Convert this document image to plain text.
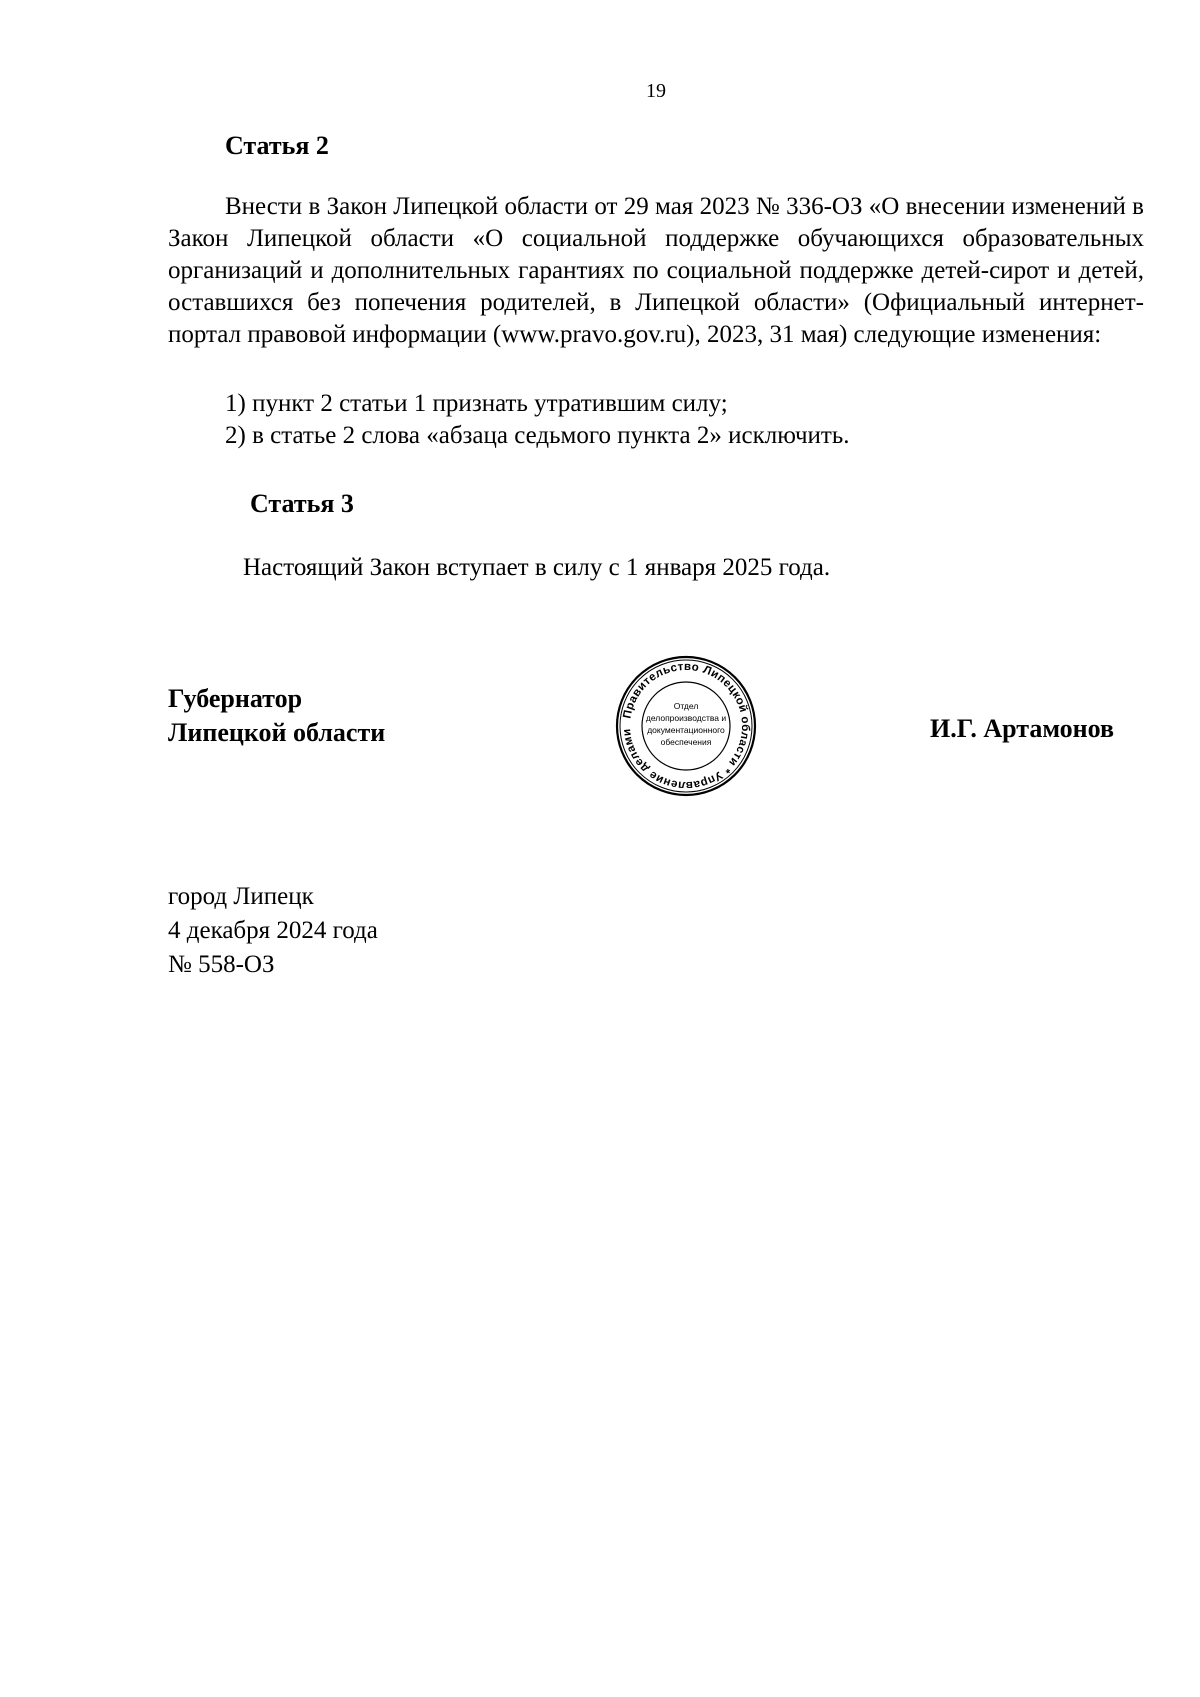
19
Статья 2

Внести в Закон Липецкой области от 29 мая 2023 № 336-ОЗ «О внесении изменений в Закон Липецкой области «О социальной поддержке обучающихся образовательных организаций и дополнительных гарантиях по социальной поддержке детей-сирот и детей, оставшихся без попечения родителей, в Липецкой области» (Официальный интернет-портал правовой информации (www.pravo.gov.ru), 2023, 31 мая) следующие изменения:

1) пункт 2 статьи 1 признать утратившим силу;
2) в статье 2 слова «абзаца седьмого пункта 2» исключить.
Статья 3

Настоящий Закон вступает в силу с 1 января 2025 года.

Губернатор
Липецкой области
Правительство Липецкой области * Управление делами
Отдел
делопроизводства и
документационного
обеспечения	И.Г. Артамонов
город Липецк
4 декабря 2024 года
№ 558-ОЗ
